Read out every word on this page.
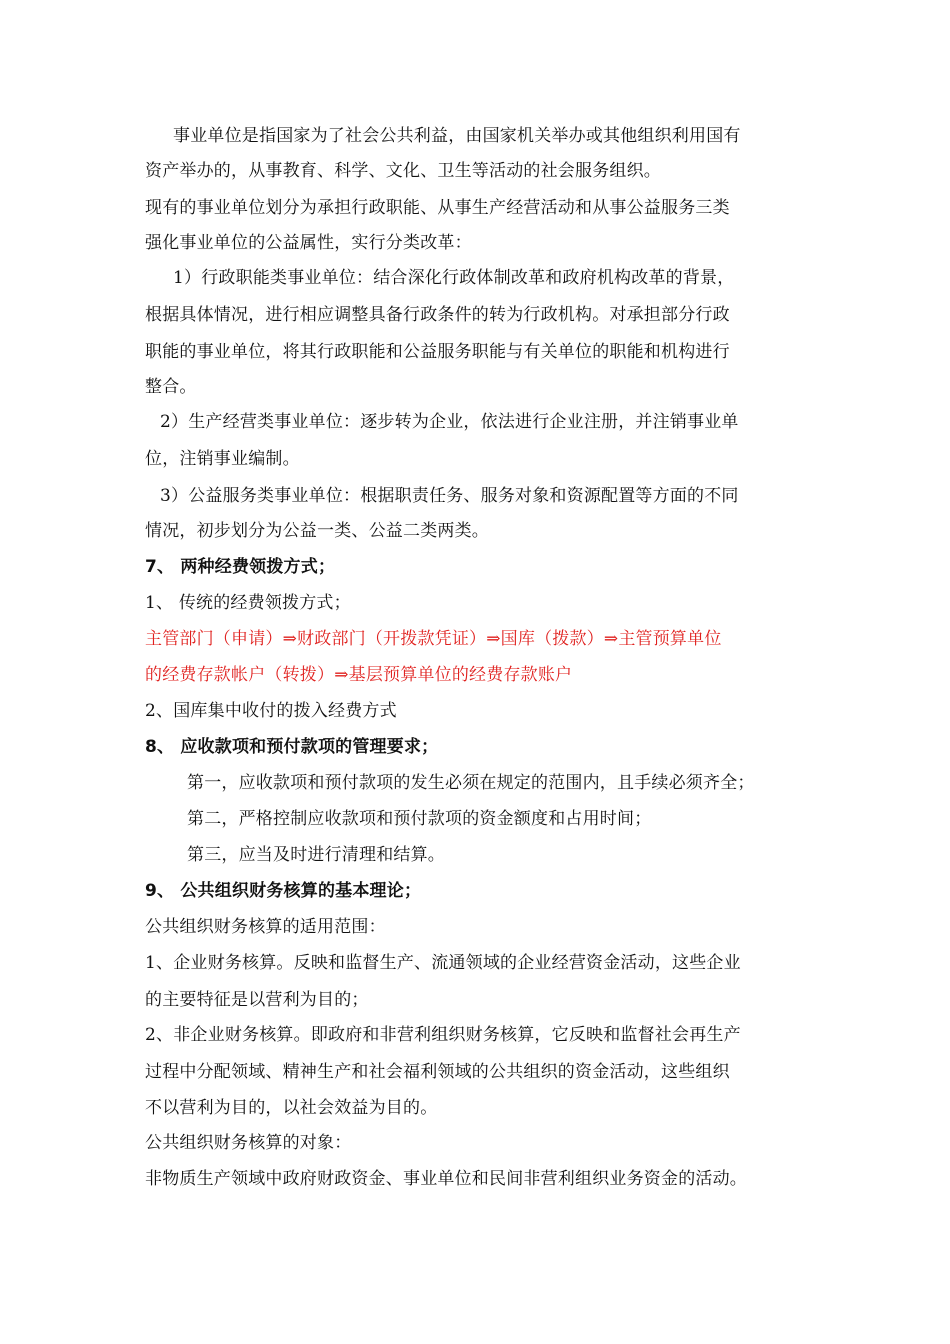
事业单位是指国家为了社会公共利益，由国家机关举办或其他组织利用国有
资产举办的，从事教育、科学、文化、卫生等活动的社会服务组织。
现有的事业单位划分为承担行政职能、从事生产经营活动和从事公益服务三类
强化事业单位的公益属性，实行分类改革：
1）行政职能类事业单位：结合深化行政体制改革和政府机构改革的背景，
根据具体情况，进行相应调整具备行政条件的转为行政机构。对承担部分行政
职能的事业单位，将其行政职能和公益服务职能与有关单位的职能和机构进行
整合。
2）生产经营类事业单位：逐步转为企业，依法进行企业注册，并注销事业单
位，注销事业编制。
3）公益服务类事业单位：根据职责任务、服务对象和资源配置等方面的不同
情况，初步划分为公益一类、公益二类两类。
7、 两种经费领拨方式；
1、 传统的经费领拨方式；
主管部门（申请）⇒财政部门（开拨款凭证）⇒国库（拨款）⇒主管预算单位
的经费存款帐户（转拨）⇒基层预算单位的经费存款账户
2、国库集中收付的拨入经费方式
8、 应收款项和预付款项的管理要求；
第一，应收款项和预付款项的发生必须在规定的范围内，且手续必须齐全；
第二，严格控制应收款项和预付款项的资金额度和占用时间；
第三，应当及时进行清理和结算。
9、 公共组织财务核算的基本理论；
公共组织财务核算的适用范围：
1、企业财务核算。反映和监督生产、流通领域的企业经营资金活动，这些企业
的主要特征是以营利为目的；
2、非企业财务核算。即政府和非营利组织财务核算，它反映和监督社会再生产
过程中分配领域、精神生产和社会福利领域的公共组织的资金活动，这些组织
不以营利为目的，以社会效益为目的。
公共组织财务核算的对象：
非物质生产领域中政府财政资金、事业单位和民间非营利组织业务资金的活动。
